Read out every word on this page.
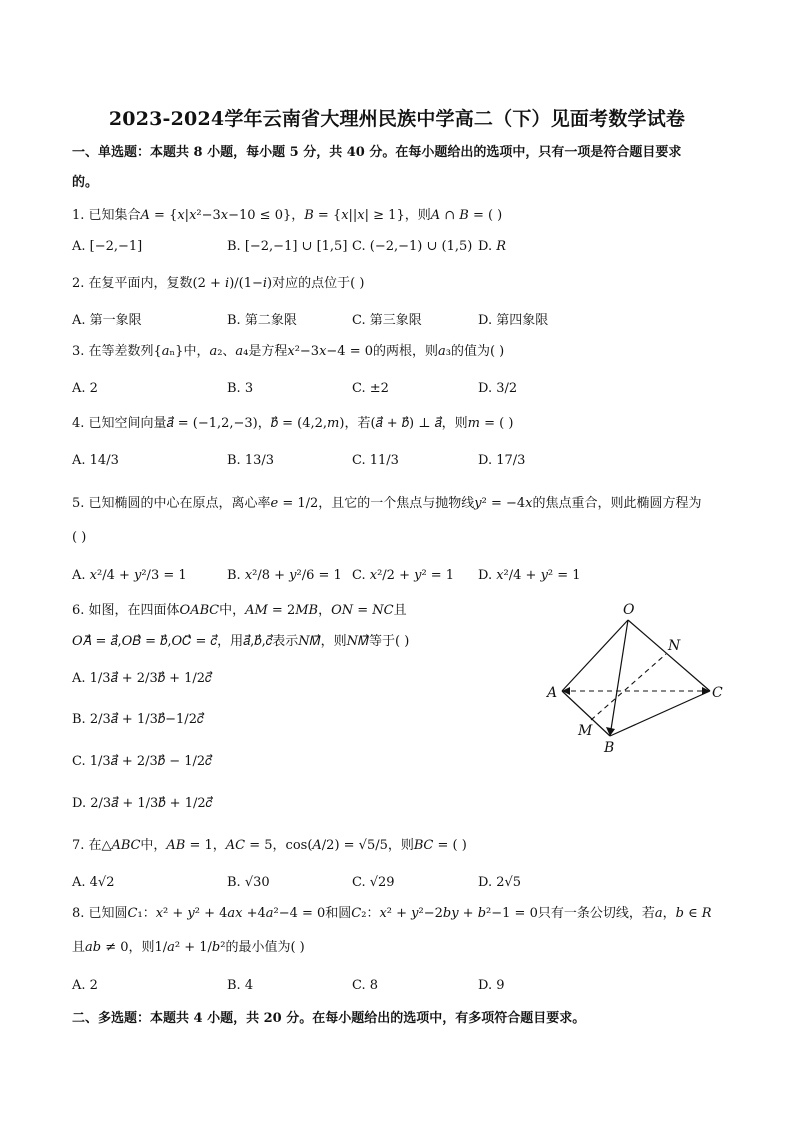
2023-2024学年云南省大理州民族中学高二（下）见面考数学试卷
一、单选题：本题共 8 小题，每小题 5 分，共 40 分。在每小题给出的选项中，只有一项是符合题目要求
的。
1. 已知集合𝐴 = {𝑥|𝑥²−3𝑥−10 ≤ 0}，𝐵 = {𝑥||𝑥| ≥ 1}，则𝐴 ∩ 𝐵 = ( )
A. [−2,−1]	B. [−2,−1] ∪ [1,5] C. (−2,−1) ∪ (1,5) D. 𝑅
2. 在复平面内，复数(2 + 𝑖)/(1−𝑖)对应的点位于( )
A. 第一象限	B. 第二象限	C. 第三象限	D. 第四象限
3. 在等差数列{𝑎ₙ}中，𝑎₂、𝑎₄是方程𝑥²−3𝑥−4 = 0的两根，则𝑎₃的值为( )
A. 2	B. 3	C. ±2	D. 3/2
4. 已知空间向量𝑎⃗ = (−1,2,−3)，𝑏⃗ = (4,2,𝑚)，若(𝑎⃗ + 𝑏⃗) ⊥ 𝑎⃗，则𝑚 = ( )
A. 14/3	B. 13/3	C. 11/3	D. 17/3
5. 已知椭圆的中心在原点，离心率𝑒 = 1/2，且它的一个焦点与抛物线𝑦² = −4𝑥的焦点重合，则此椭圆方程为
( )
A. 𝑥²/4 + 𝑦²/3 = 1	B. 𝑥²/8 + 𝑦²/6 = 1 C. 𝑥²/2 + 𝑦² = 1 D. 𝑥²/4 + 𝑦² = 1
6. 如图，在四面体𝑂𝐴𝐵𝐶中，𝐴𝑀 = 2𝑀𝐵，𝑂𝑁 = 𝑁𝐶且
𝑂𝐴⃗ = 𝑎⃗,𝑂𝐵⃗ = 𝑏⃗,𝑂𝐶⃗ = 𝑐⃗，用𝑎⃗,𝑏⃗,𝑐⃗表示𝑁𝑀⃗，则𝑁𝑀⃗等于( )
A. 1/3𝑎⃗ + 2/3𝑏⃗ + 1/2𝑐⃗
B. 2/3𝑎⃗ + 1/3𝑏⃗−1/2𝑐⃗
C. 1/3𝑎⃗ + 2/3𝑏⃗ − 1/2𝑐⃗
D. 2/3𝑎⃗ + 1/3𝑏⃗ + 1/2𝑐⃗
O
N
A	C
M
B
7. 在△𝐴𝐵𝐶中，𝐴𝐵 = 1，𝐴𝐶 = 5，cos(𝐴/2) = √5/5，则𝐵𝐶 = ( )
A. 4√2	B. √30	C. √29	D. 2√5
8. 已知圆𝐶₁：𝑥² + 𝑦² + 4𝑎𝑥 +4𝑎²−4 = 0和圆𝐶₂：𝑥² + 𝑦²−2𝑏𝑦 + 𝑏²−1 = 0只有一条公切线，若𝑎，𝑏 ∈ 𝑅
且𝑎𝑏 ≠ 0，则1/𝑎² + 1/𝑏²的最小值为( )
A. 2	B. 4	C. 8	D. 9
二、多选题：本题共 4 小题，共 20 分。在每小题给出的选项中，有多项符合题目要求。
